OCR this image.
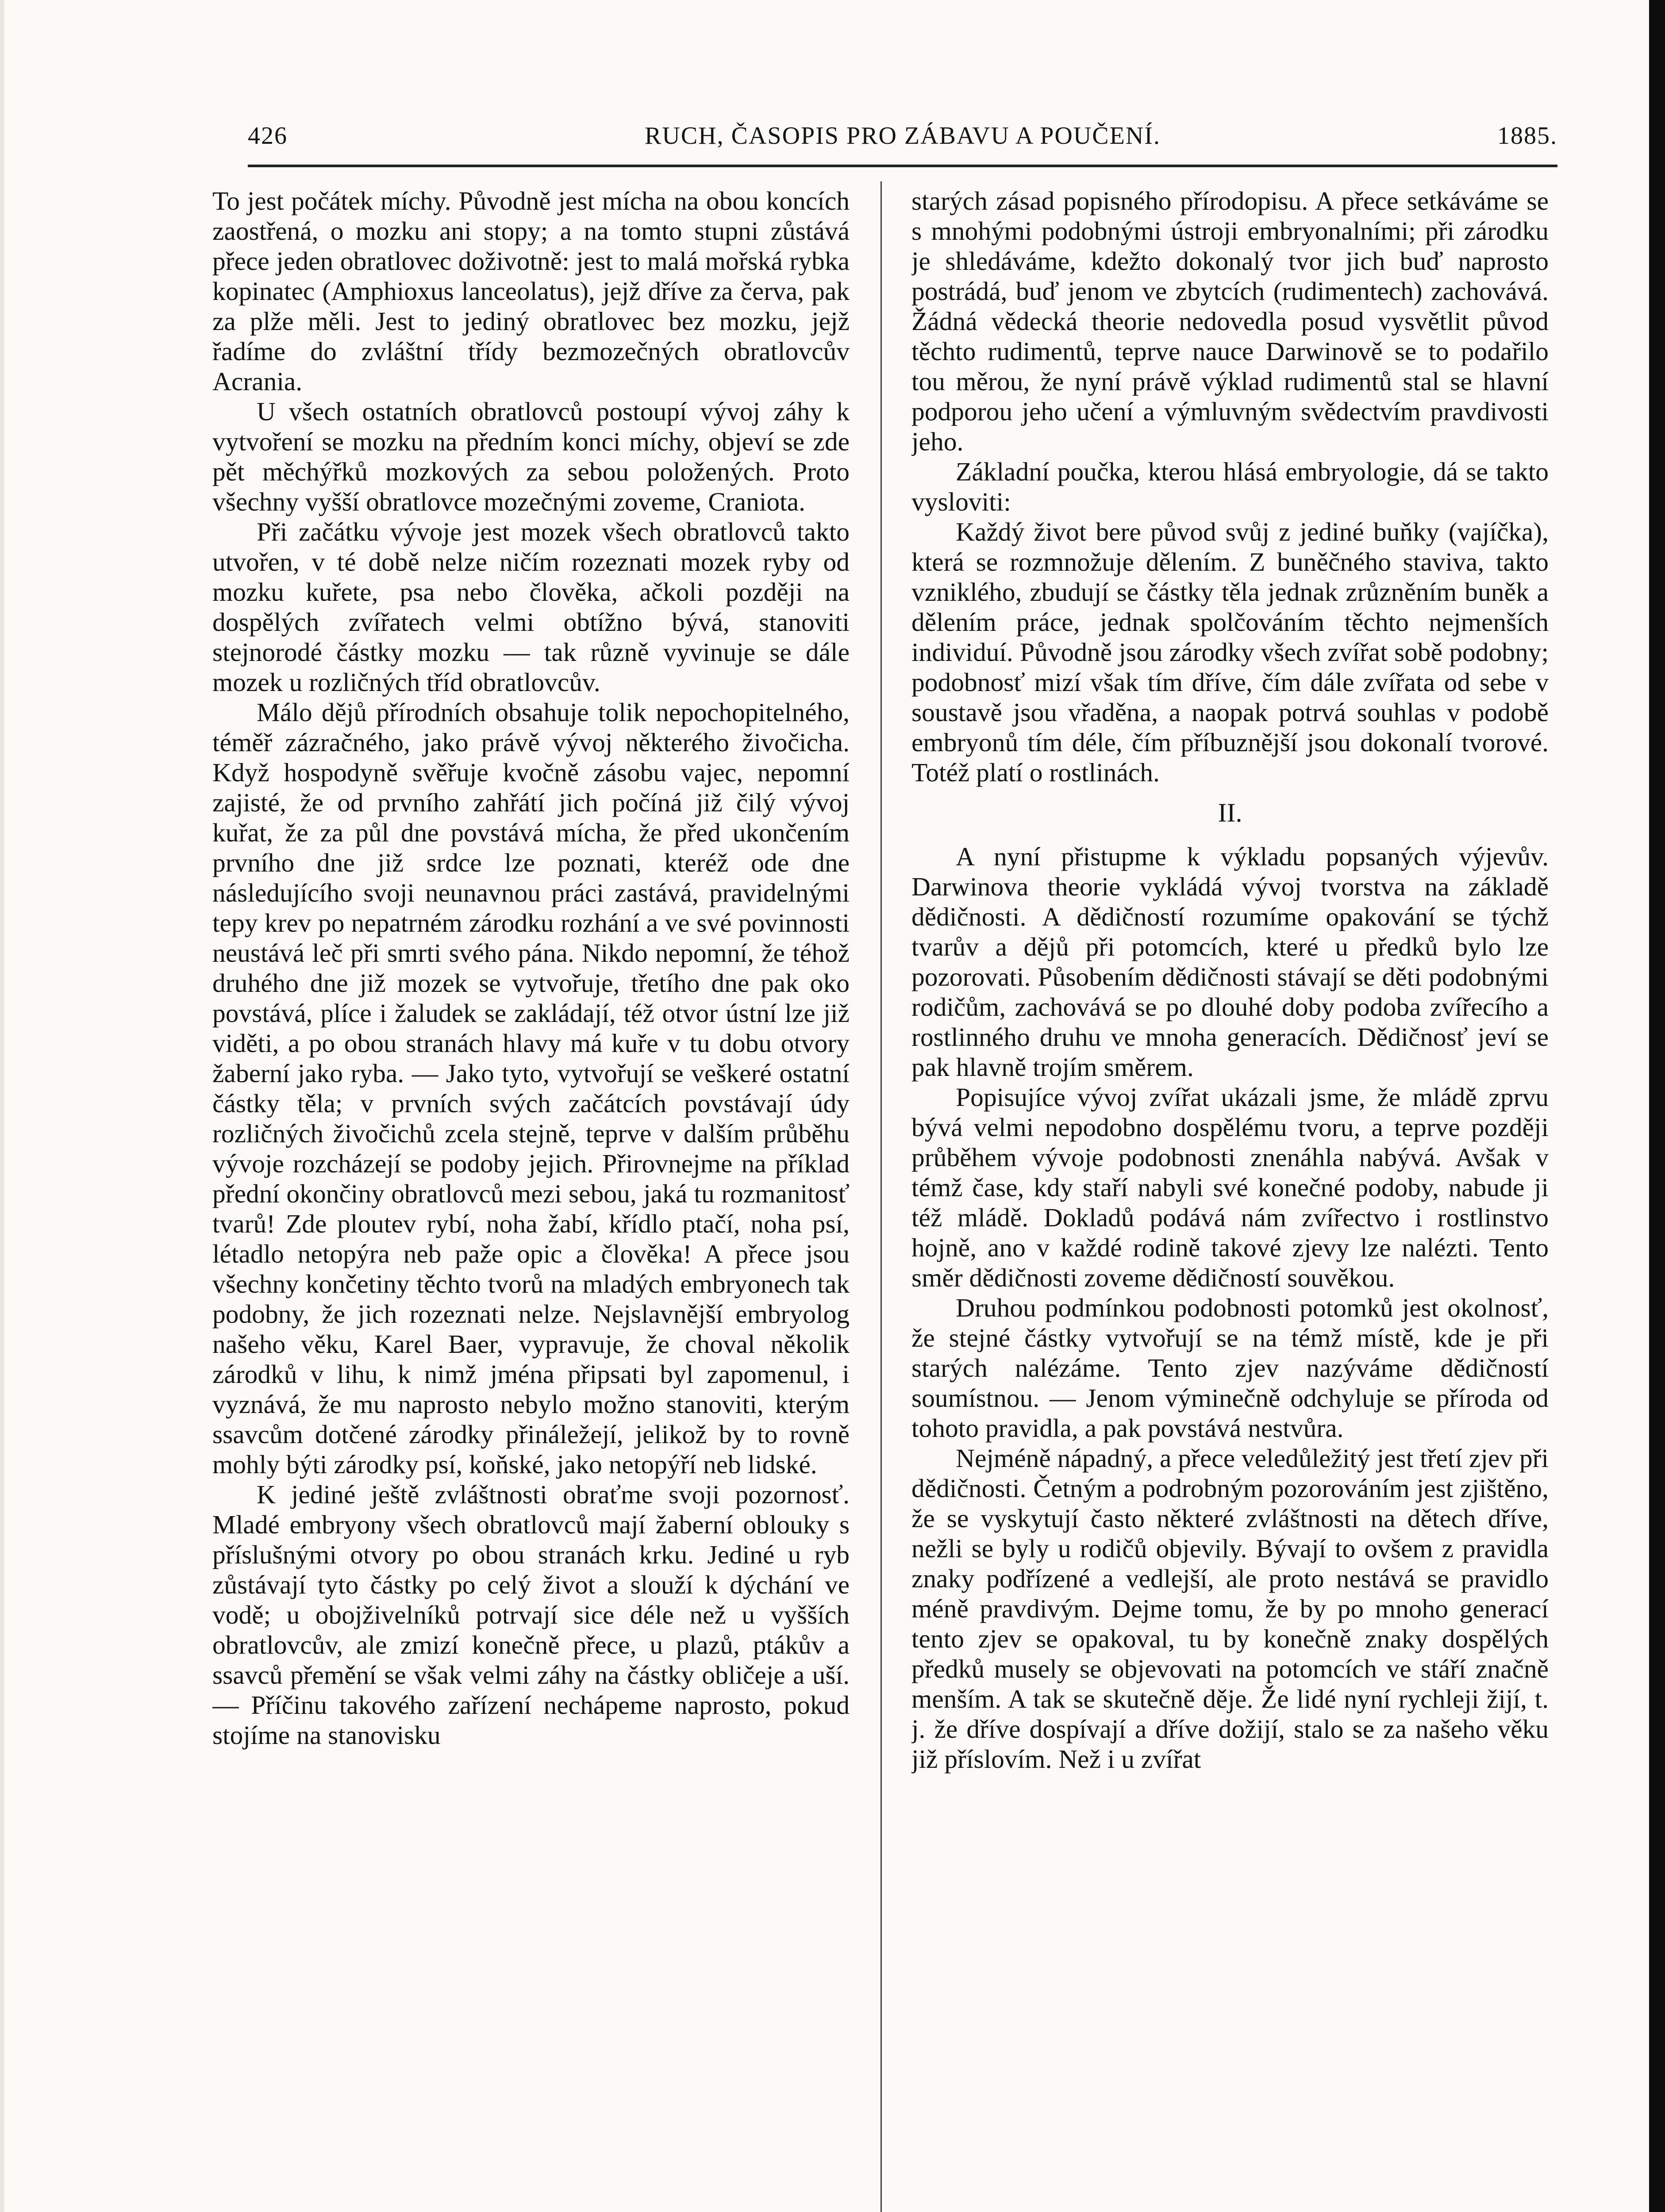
426	RUCH, ČASOPIS PRO ZÁBAVU A POUČENÍ.	1885.

To jest počátek míchy. Původně jest mícha na obou koncích zaostřená, o mozku ani stopy; a na tomto stupni zůstává přece jeden obratlovec doživotně: jest to malá mořská rybka kopinatec (Amphioxus lanceolatus), jejž dříve za červa, pak za plže měli. Jest to jediný obratlovec bez mozku, jejž řadíme do zvláštní třídy bezmozečných obratlovcův Acrania.

U všech ostatních obratlovců postoupí vývoj záhy k vytvoření se mozku na předním konci míchy, objeví se zde pět měchýřků mozkových za sebou položených. Proto všechny vyšší obratlovce mozečnými zoveme, Craniota.

Při začátku vývoje jest mozek všech obratlovců takto utvořen, v té době nelze ničím rozeznati mozek ryby od mozku kuřete, psa nebo člověka, ačkoli později na dospělých zvířatech velmi obtížno bývá, stanoviti stejnorodé částky mozku — tak různě vyvinuje se dále mozek u rozličných tříd obratlovcův.

Málo dějů přírodních obsahuje tolik nepochopitelného, téměř zázračného, jako právě vývoj některého živočicha. Když hospodyně svěřuje kvočně zásobu vajec, nepomní zajisté, že od prvního zahřátí jich počíná již čilý vývoj kuřat, že za půl dne povstává mícha, že před ukončením prvního dne již srdce lze poznati, kteréž ode dne následujícího svoji neunavnou práci zastává, pravidelnými tepy krev po nepatrném zárodku rozhání a ve své povinnosti neustává leč při smrti svého pána. Nikdo nepomní, že téhož druhého dne již mozek se vytvořuje, třetího dne pak oko povstává, plíce i žaludek se zakládají, též otvor ústní lze již viděti, a po obou stranách hlavy má kuře v tu dobu otvory žaberní jako ryba. — Jako tyto, vytvořují se veškeré ostatní částky těla; v prvních svých začátcích povstávají údy rozličných živočichů zcela stejně, teprve v dalším průběhu vývoje rozcházejí se podoby jejich. Přirovnejme na příklad přední okončiny obratlovců mezi sebou, jaká tu rozmanitosť tvarů! Zde ploutev rybí, noha žabí, křídlo ptačí, noha psí, létadlo netopýra neb paže opic a člověka! A přece jsou všechny končetiny těchto tvorů na mladých embryonech tak podobny, že jich rozeznati nelze. Nejslavnější embryolog našeho věku, Karel Baer, vypravuje, že choval několik zárodků v lihu, k nimž jména připsati byl zapomenul, i vyznává, že mu naprosto nebylo možno stanoviti, kterým ssavcům dotčené zárodky přináležejí, jelikož by to rovně mohly býti zárodky psí, koňské, jako netopýří neb lidské.

K jediné ještě zvláštnosti obraťme svoji pozornosť. Mladé embryony všech obratlovců mají žaberní oblouky s příslušnými otvory po obou stranách krku. Jediné u ryb zůstávají tyto částky po celý život a slouží k dýchání ve vodě; u obojživelníků potrvají sice déle než u vyšších obratlovcův, ale zmizí konečně přece, u plazů, ptákův a ssavců přemění se však velmi záhy na částky obličeje a uší. — Příčinu takového zařízení nechápeme naprosto, pokud stojíme na stanovisku

starých zásad popisného přírodopisu. A přece setkáváme se s mnohými podobnými ústroji embryonalními; při zárodku je shledáváme, kdežto dokonalý tvor jich buď naprosto postrádá, buď jenom ve zbytcích (rudimentech) zachovává. Žádná vědecká theorie nedovedla posud vysvětlit původ těchto rudimentů, teprve nauce Darwinově se to podařilo tou měrou, že nyní právě výklad rudimentů stal se hlavní podporou jeho učení a výmluvným svědectvím pravdivosti jeho.

Základní poučka, kterou hlásá embryologie, dá se takto vysloviti:

Každý život bere původ svůj z jediné buňky (vajíčka), která se rozmnožuje dělením. Z buněčného staviva, takto vzniklého, zbudují se částky těla jednak zrůzněním buněk a dělením práce, jednak spolčováním těchto nejmenších individuí. Původně jsou zárodky všech zvířat sobě podobny; podobnosť mizí však tím dříve, čím dále zvířata od sebe v soustavě jsou vřaděna, a naopak potrvá souhlas v podobě embryonů tím déle, čím příbuznější jsou dokonalí tvorové. Totéž platí o rostlinách.

II.

A nyní přistupme k výkladu popsaných výjevův. Darwinova theorie vykládá vývoj tvorstva na základě dědičnosti. A dědičností rozumíme opakování se týchž tvarův a dějů při potomcích, které u předků bylo lze pozorovati. Působením dědičnosti stávají se děti podobnými rodičům, zachovává se po dlouhé doby podoba zvířecího a rostlinného druhu ve mnoha generacích. Dědičnosť jeví se pak hlavně trojím směrem.

Popisujíce vývoj zvířat ukázali jsme, že mládě zprvu bývá velmi nepodobno dospělému tvoru, a teprve později průběhem vývoje podobnosti znenáhla nabývá. Avšak v témž čase, kdy staří nabyli své konečné podoby, nabude ji též mládě. Dokladů podává nám zvířectvo i rostlinstvo hojně, ano v každé rodině takové zjevy lze nalézti. Tento směr dědičnosti zoveme dědičností souvěkou.

Druhou podmínkou podobnosti potomků jest okolnosť, že stejné částky vytvořují se na témž místě, kde je při starých nalézáme. Tento zjev nazýváme dědičností soumístnou. — Jenom výminečně odchyluje se příroda od tohoto pravidla, a pak povstává nestvůra.

Nejméně nápadný, a přece veledůležitý jest třetí zjev při dědičnosti. Četným a podrobným pozorováním jest zjištěno, že se vyskytují často některé zvláštnosti na dětech dříve, nežli se byly u rodičů objevily. Bývají to ovšem z pravidla znaky podřízené a vedlejší, ale proto nestává se pravidlo méně pravdivým. Dejme tomu, že by po mnoho generací tento zjev se opakoval, tu by konečně znaky dospělých předků musely se objevovati na potomcích ve stáří značně menším. A tak se skutečně děje. Že lidé nyní rychleji žijí, t. j. že dříve dospívají a dříve dožijí, stalo se za našeho věku již příslovím. Než i u zvířat
